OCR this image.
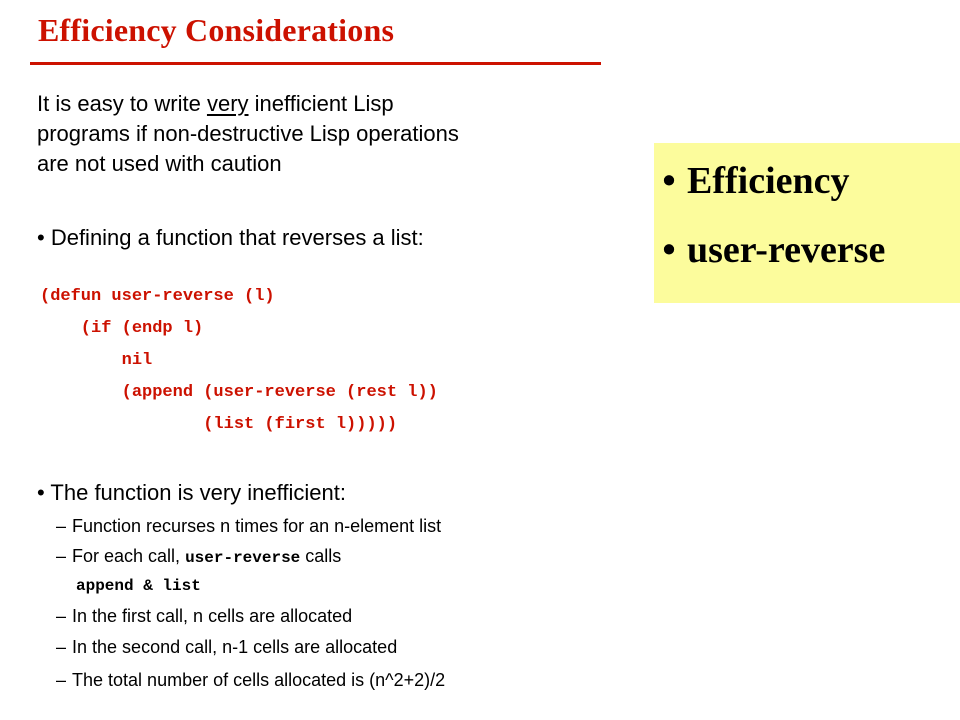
Efficiency Considerations
It is easy to write very inefficient Lisp
programs if non-destructive Lisp operations
are not used with caution
• Defining a function that reverses a list:
(defun user-reverse (l)
(if (endp l)
nil
(append (user-reverse (rest l))
(list (first l)))))
• The function is very inefficient:
– Function recurses n times for an n-element list
– For each call, user-reverse calls
append & list
– In the first call, n cells are allocated
– In the second call, n-1 cells are allocated
– The total number of cells allocated is (n^2+2)/2
• Efficiency
• user-reverse
